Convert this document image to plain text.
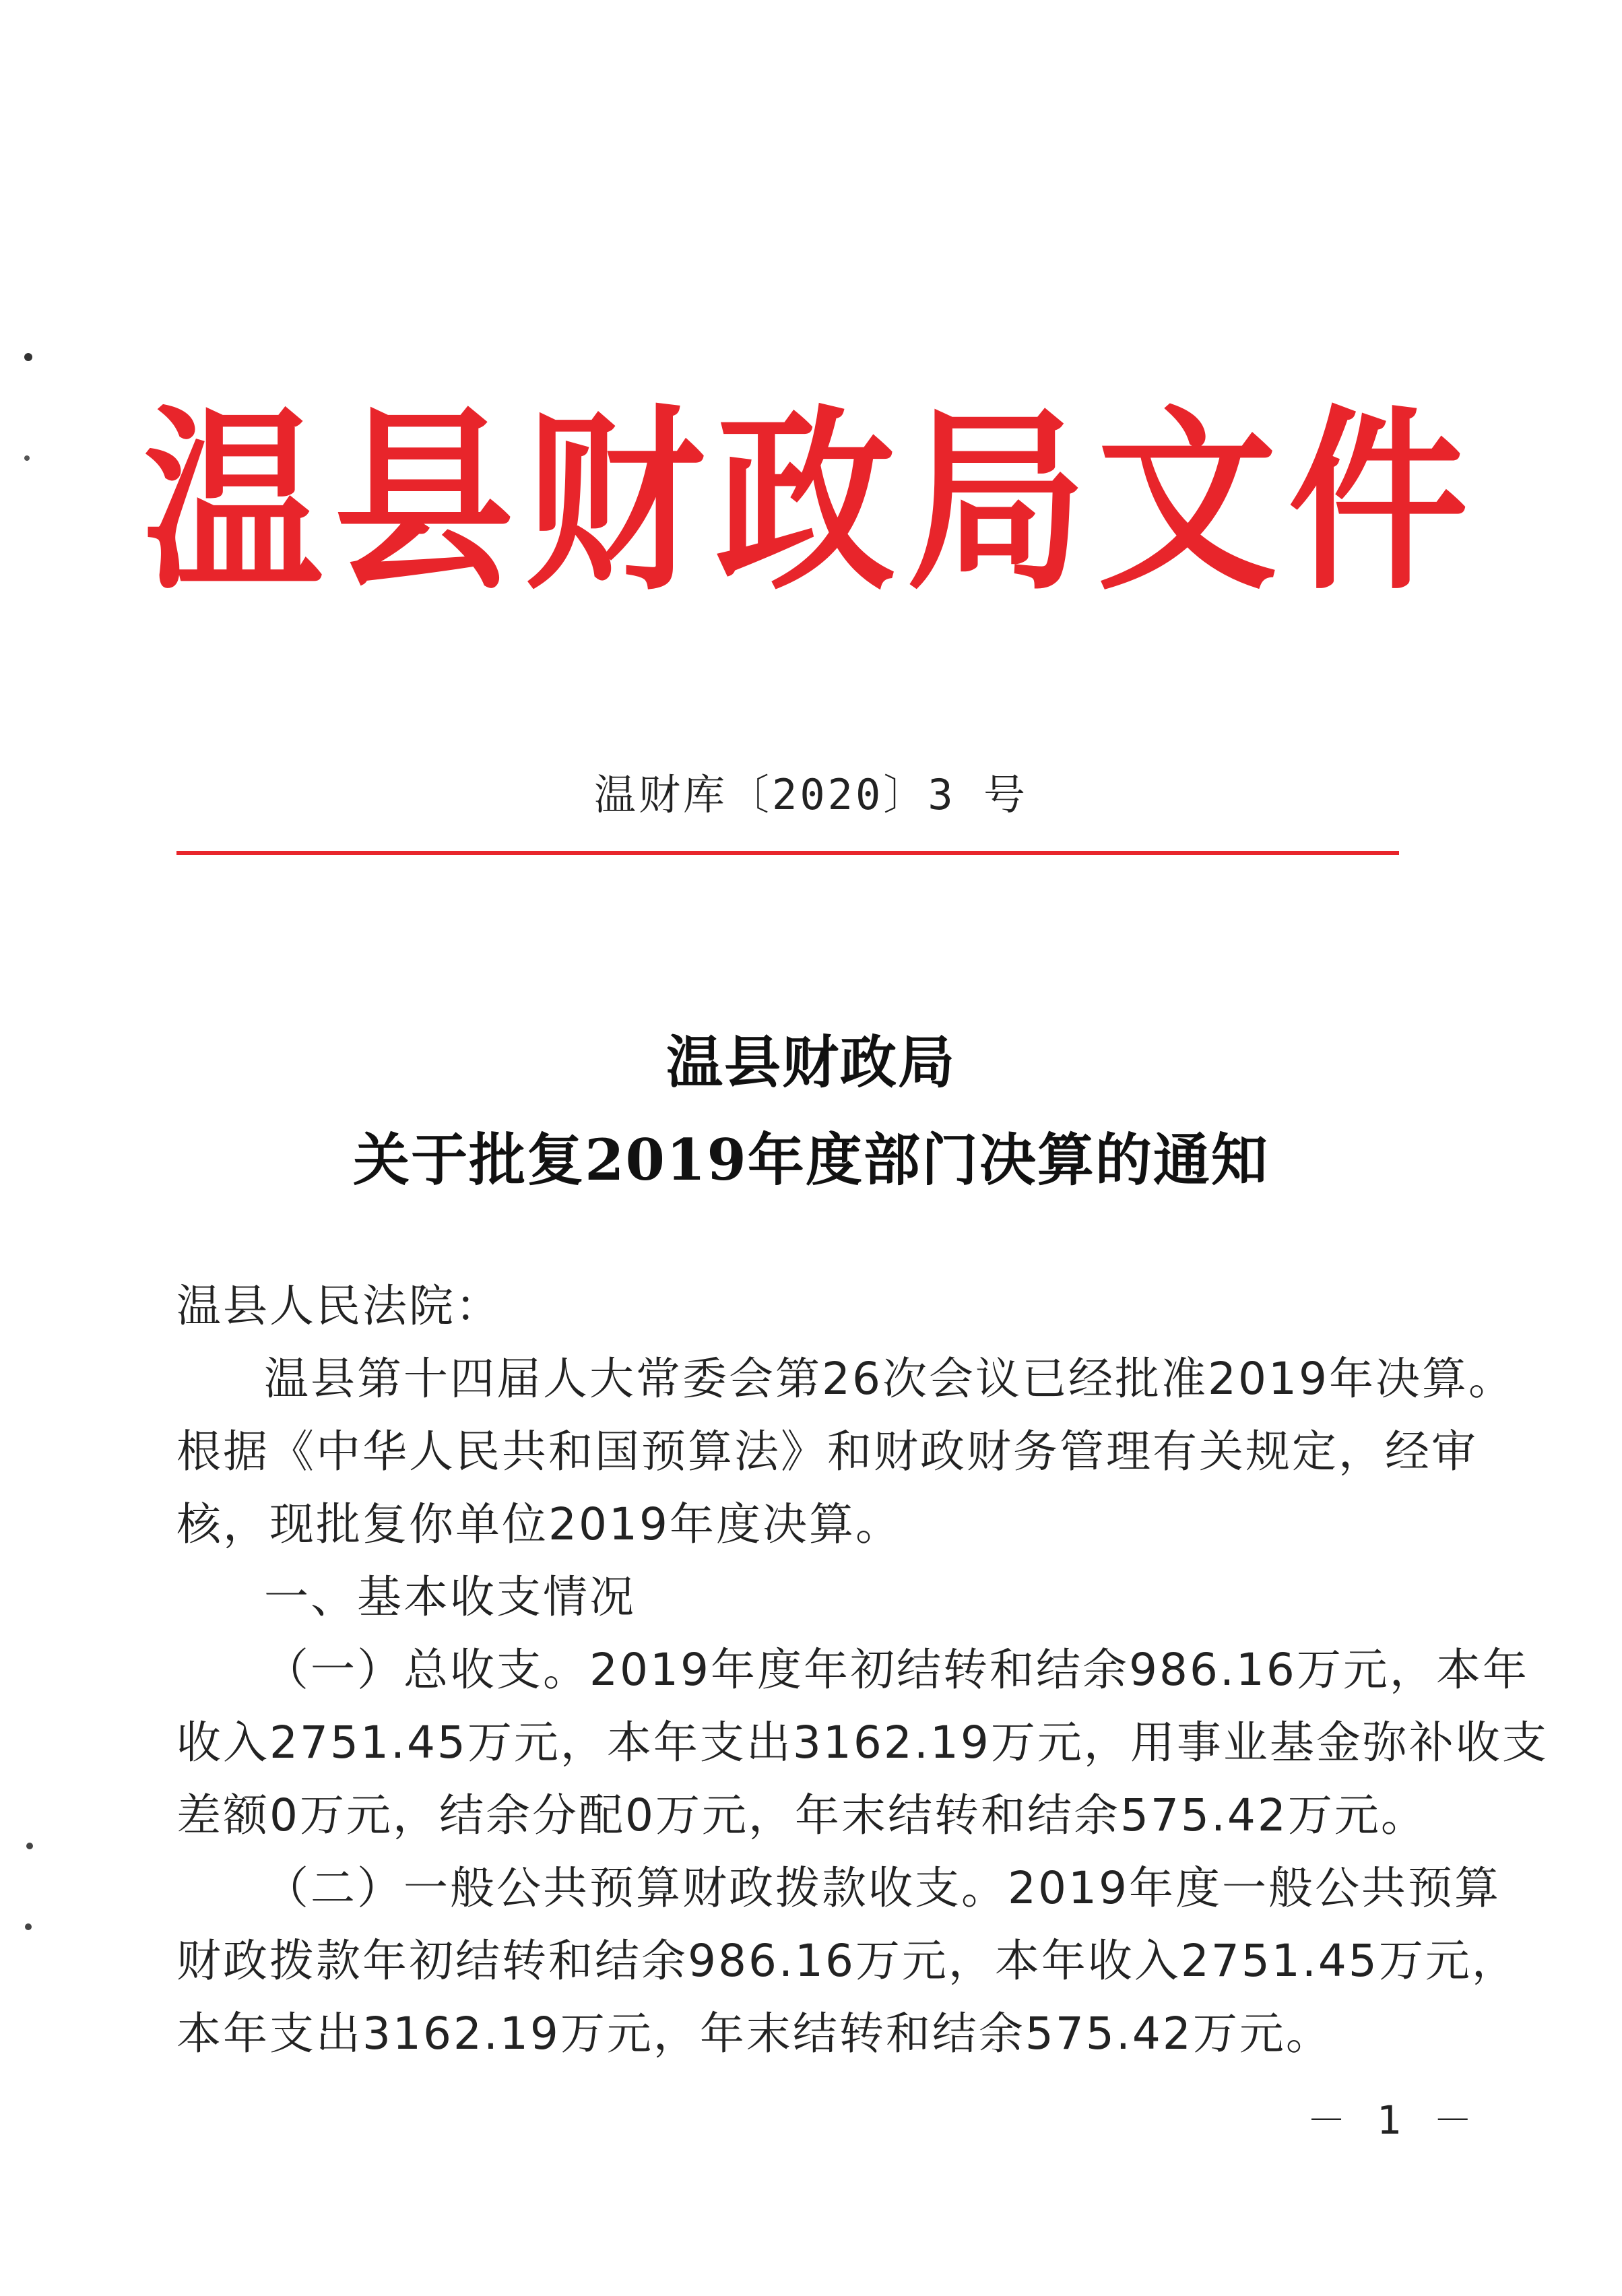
温县财政局文件
温财库〔2020〕3 号
温县财政局
关于批复2019年度部门决算的通知
温县人民法院：
温县第十四届人大常委会第26次会议已经批准2019年决算。
根据《中华人民共和国预算法》和财政财务管理有关规定，经审
核，现批复你单位2019年度决算。
一、基本收支情况
（一）总收支。2019年度年初结转和结余986.16万元，本年
收入2751.45万元，本年支出3162.19万元，用事业基金弥补收支
差额0万元，结余分配0万元，年末结转和结余575.42万元。
（二）一般公共预算财政拨款收支。2019年度一般公共预算
财政拨款年初结转和结余986.16万元，本年收入2751.45万元，
本年支出3162.19万元，年末结转和结余575.42万元。
－ 1 －
